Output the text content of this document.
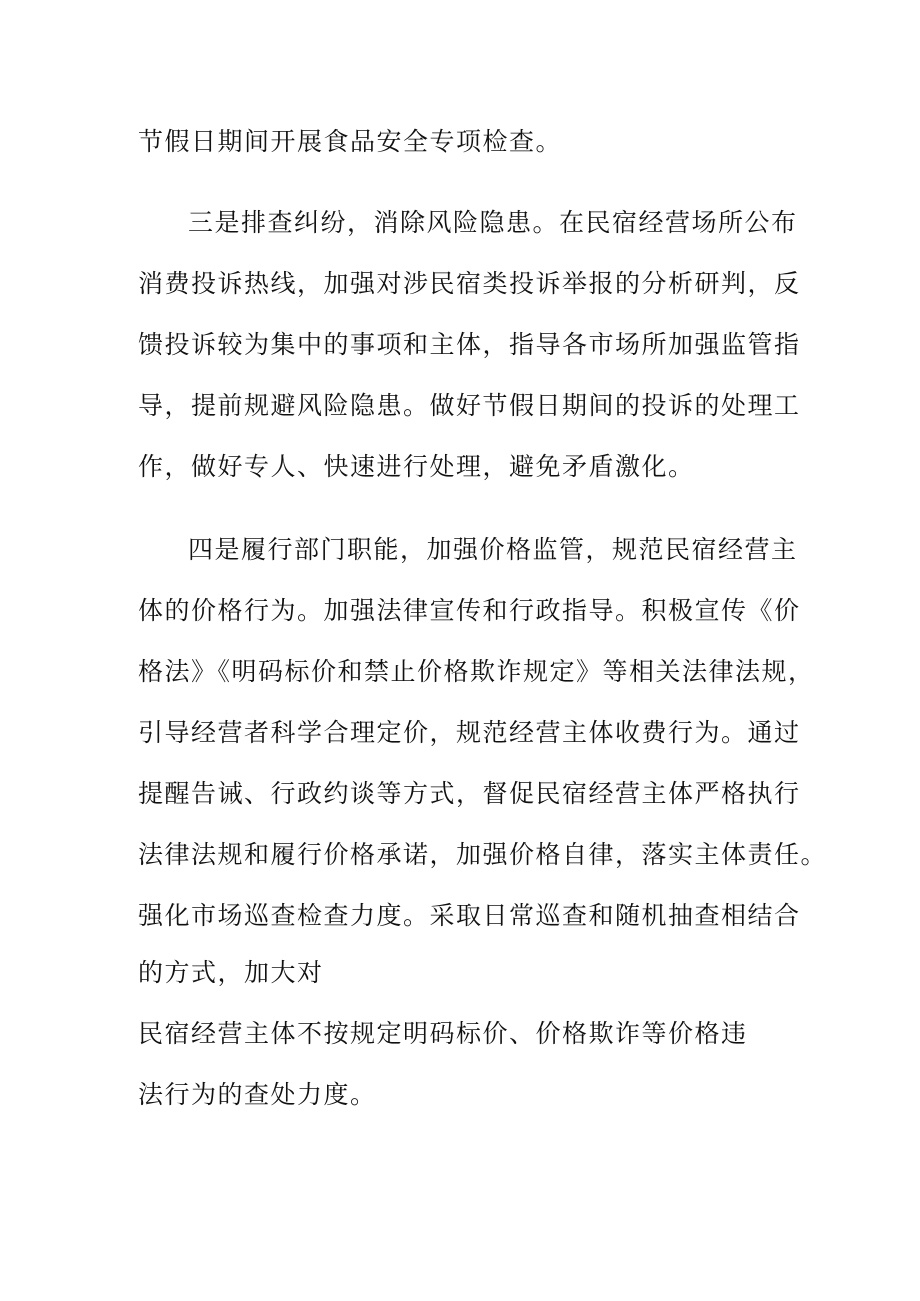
节假日期间开展食品安全专项检查。
三是排查纠纷，消除风险隐患。在民宿经营场所公布
消费投诉热线，加强对涉民宿类投诉举报的分析研判，反
馈投诉较为集中的事项和主体，指导各市场所加强监管指
导，提前规避风险隐患。做好节假日期间的投诉的处理工
作，做好专人、快速进行处理，避免矛盾激化。
四是履行部门职能，加强价格监管，规范民宿经营主
体的价格行为。加强法律宣传和行政指导。积极宣传《价
格法》《明码标价和禁止价格欺诈规定》等相关法律法规，
引导经营者科学合理定价，规范经营主体收费行为。通过
提醒告诫、行政约谈等方式，督促民宿经营主体严格执行
法律法规和履行价格承诺，加强价格自律，落实主体责任。
强化市场巡查检查力度。采取日常巡查和随机抽查相结合
的方式，加大对
民宿经营主体不按规定明码标价、价格欺诈等价格违
法行为的查处力度。
